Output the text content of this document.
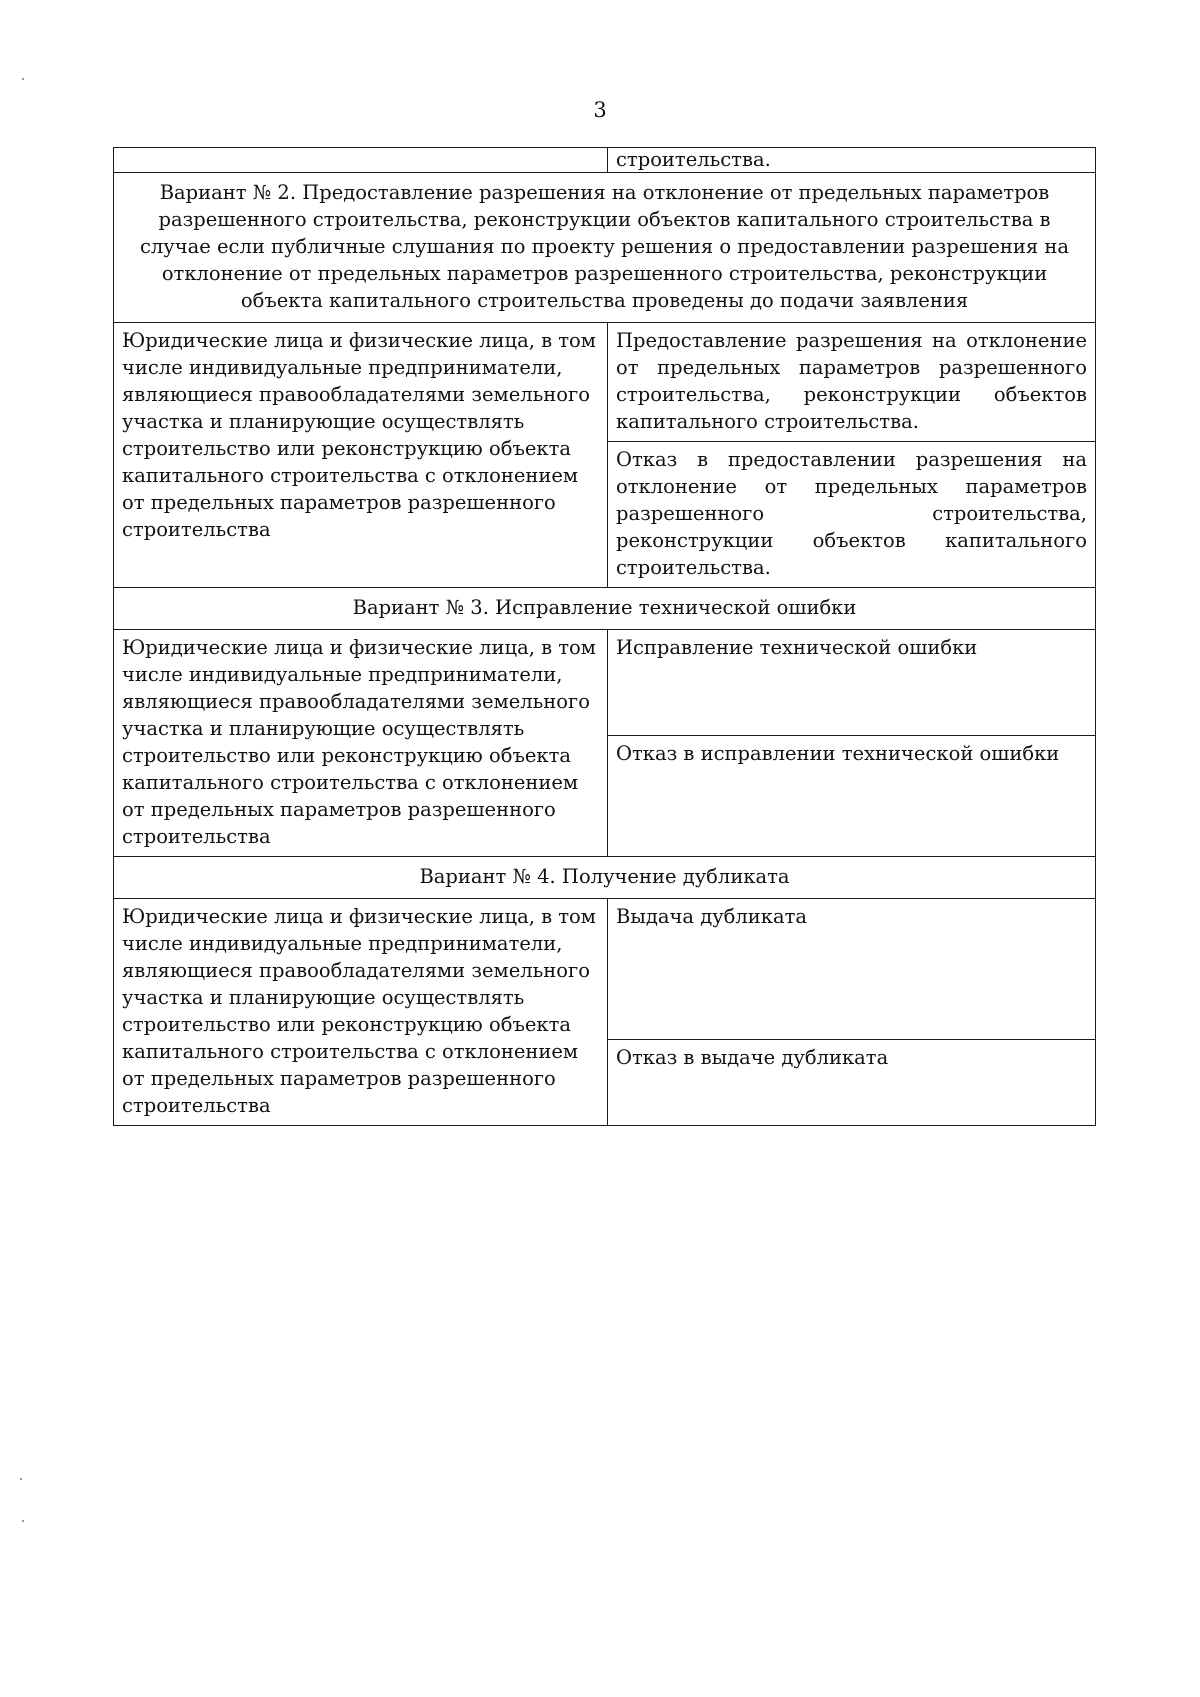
3
	строительства.
Вариант № 2. Предоставление разрешения на отклонение от предельных параметров разрешенного строительства, реконструкции объектов капитального строительства в случае если публичные слушания по проекту решения о предоставлении разрешения на отклонение от предельных параметров разрешенного строительства, реконструкции объекта капитального строительства проведены до подачи заявления	
Юридические лица и физические лица, в том числе индивидуальные предприниматели, являющиеся правообладателями земельного участка и планирующие осуществлять строительство или реконструкцию объекта капитального строительства с отклонением от предельных параметров разрешенного строительства	Предоставление разрешения на отклонение от предельных параметров разрешенного строительства, реконструкции объектов капитального строительства.
	Отказ в предоставлении разрешения на отклонение от предельных параметров разрешенного строительства, реконструкции объектов капитального строительства.
Вариант № 3. Исправление технической ошибки	
Юридические лица и физические лица, в том числе индивидуальные предприниматели, являющиеся правообладателями земельного участка и планирующие осуществлять строительство или реконструкцию объекта капитального строительства с отклонением от предельных параметров разрешенного строительства	Исправление технической ошибки
	Отказ в исправлении технической ошибки
Вариант № 4. Получение дубликата	
Юридические лица и физические лица, в том числе индивидуальные предприниматели, являющиеся правообладателями земельного участка и планирующие осуществлять строительство или реконструкцию объекта капитального строительства с отклонением от предельных параметров разрешенного строительства	Выдача дубликата
	Отказ в выдаче дубликата
